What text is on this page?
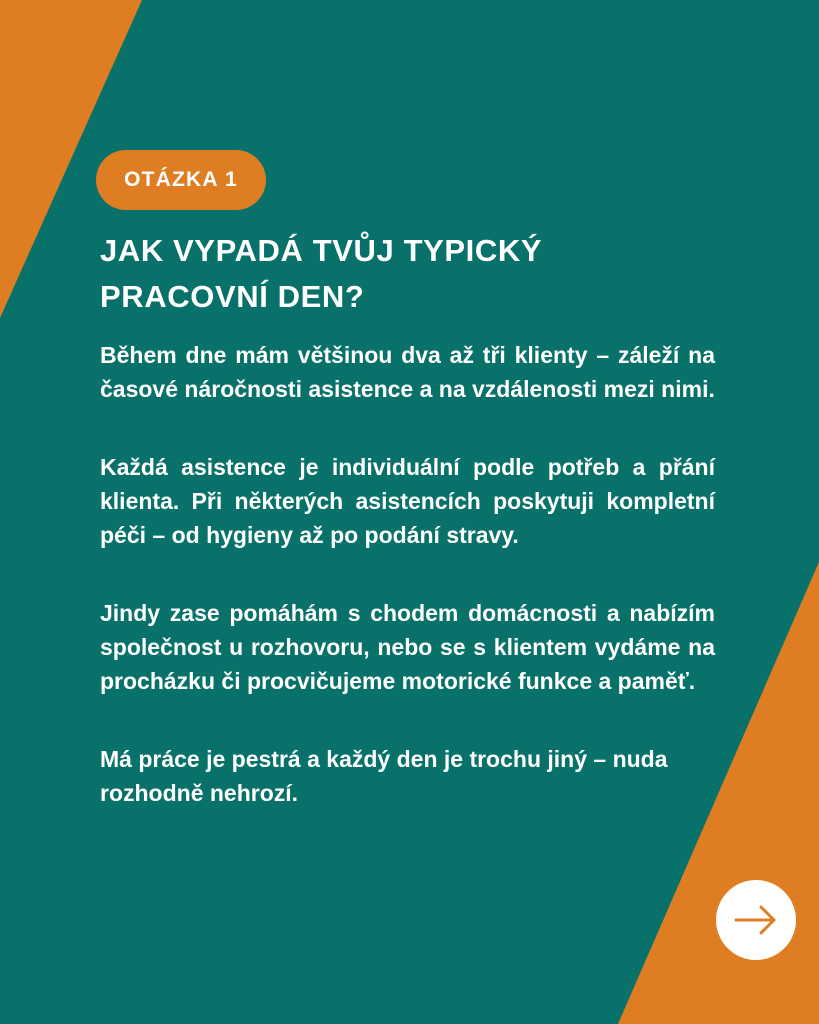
OTÁZKA 1
JAK VYPADÁ TVŮJ TYPICKÝ PRACOVNÍ DEN?

Během dne mám většinou dva až tři klienty – záleží na časové náročnosti asistence a na vzdálenosti mezi nimi.

Každá asistence je individuální podle potřeb a přání klienta. Při některých asistencích poskytuji kompletní péči – od hygieny až po podání stravy.

Jindy zase pomáhám s chodem domácnosti a nabízím společnost u rozhovoru, nebo se s klientem vydáme na procházku či procvičujeme motorické funkce a paměť.

Má práce je pestrá a každý den je trochu jiný – nuda rozhodně nehrozí.
